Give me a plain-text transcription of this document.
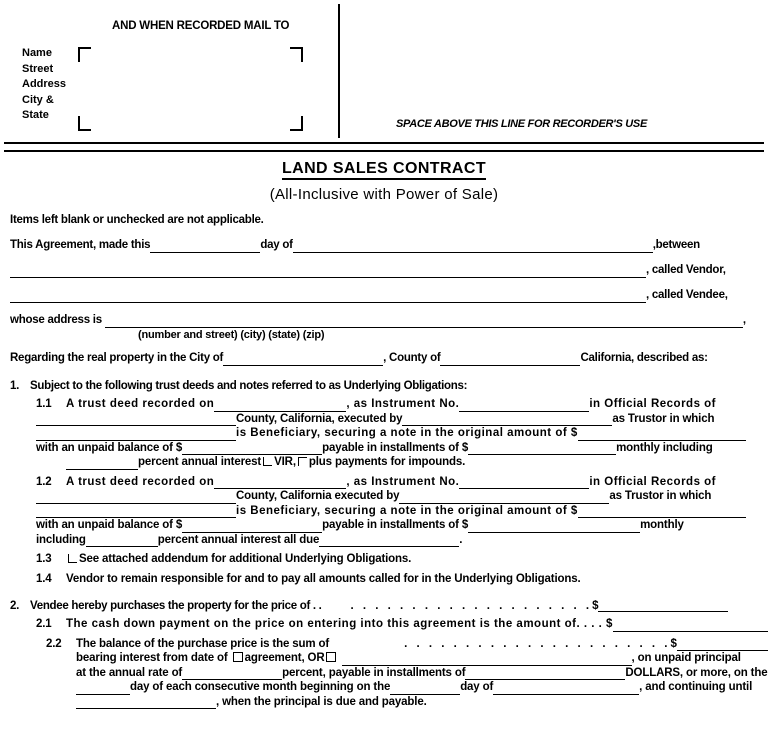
AND WHEN RECORDED MAIL TO
Name
Street
Address
City &
State
SPACE ABOVE THIS LINE FOR RECORDER'S USE
LAND SALES CONTRACT
(All-Inclusive with Power of Sale)
Items left blank or unchecked are not applicable.
This Agreement, made this	day of	,between
, called Vendor,
, called Vendee,
whose address is	,
(number and street) (city) (state) (zip)
Regarding the real property in the City of	, County of	California, described as:
1. Subject to the following trust deeds and notes referred to as Underlying Obligations:
1.1 A trust deed recorded on	, as Instrument No.	in Official Records of
County, California, executed by	as Trustor in which
is Beneficiary, securing a note in the original amount of $
with an unpaid balance of $	payable in installments of $	monthly including
percent annual interest VIR, plus payments for impounds.
1.2 A trust deed recorded on	, as Instrument No.	in Official Records of
County, California executed by	as Trustor in which
is Beneficiary, securing a note in the original amount of $
with an unpaid balance of $	payable in installments of $	monthly
including	percent annual interest all due	.
1.3 See attached addendum for additional Underlying Obligations.
1.4 Vendor to remain responsible for and to pay all amounts called for in the Underlying Obligations.
2. Vendee hereby purchases the property for the price of . .	. . . . . . . . . . . . . . . . . . . .$
2.1 The cash down payment on the price on entering into this agreement is the amount of. . . . $
2.2 The balance of the purchase price is the sum of	. . . . . . . . . . . . . . . . . . . . . .$
bearing interest from date of agreement, OR	, on unpaid principal
at the annual rate of	percent, payable in installments of	DOLLARS, or more, on the
day of each consecutive month beginning on the	day of	, and continuing until
, when the principal is due and payable.
